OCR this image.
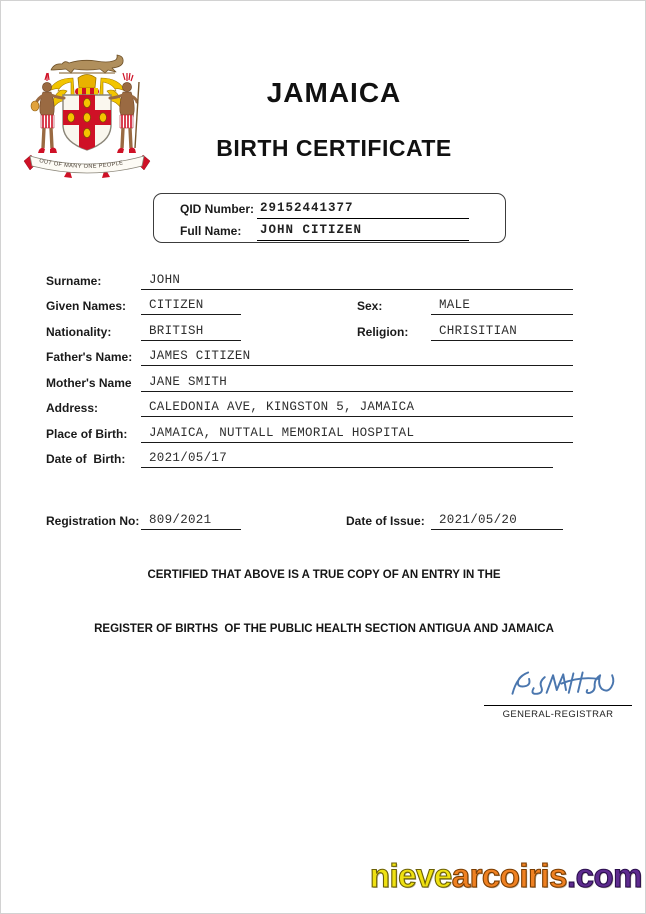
OUT OF MANY ONE PEOPLE
JAMAICA
BIRTH CERTIFICATE
QID Number: 29152441377
Full Name:	JOHN CITIZEN
Surname:	JOHN
Given Names:	CITIZEN	Sex:	MALE
Nationality:	BRITISH	Religion:	CHRISITIAN
Father's Name:	JAMES CITIZEN
Mother's Name	JANE SMITH
Address:	CALEDONIA AVE, KINGSTON 5, JAMAICA
Place of Birth:	JAMAICA, NUTTALL MEMORIAL HOSPITAL
Date of  Birth:	2021/05/17
Registration No: 809/2021	Date of Issue:	2021/05/20
CERTIFIED THAT ABOVE IS A TRUE COPY OF AN ENTRY IN THE
REGISTER OF BIRTHS  OF THE PUBLIC HEALTH SECTION ANTIGUA AND JAMAICA
GENERAL-REGISTRAR
nievearcoiris.com
